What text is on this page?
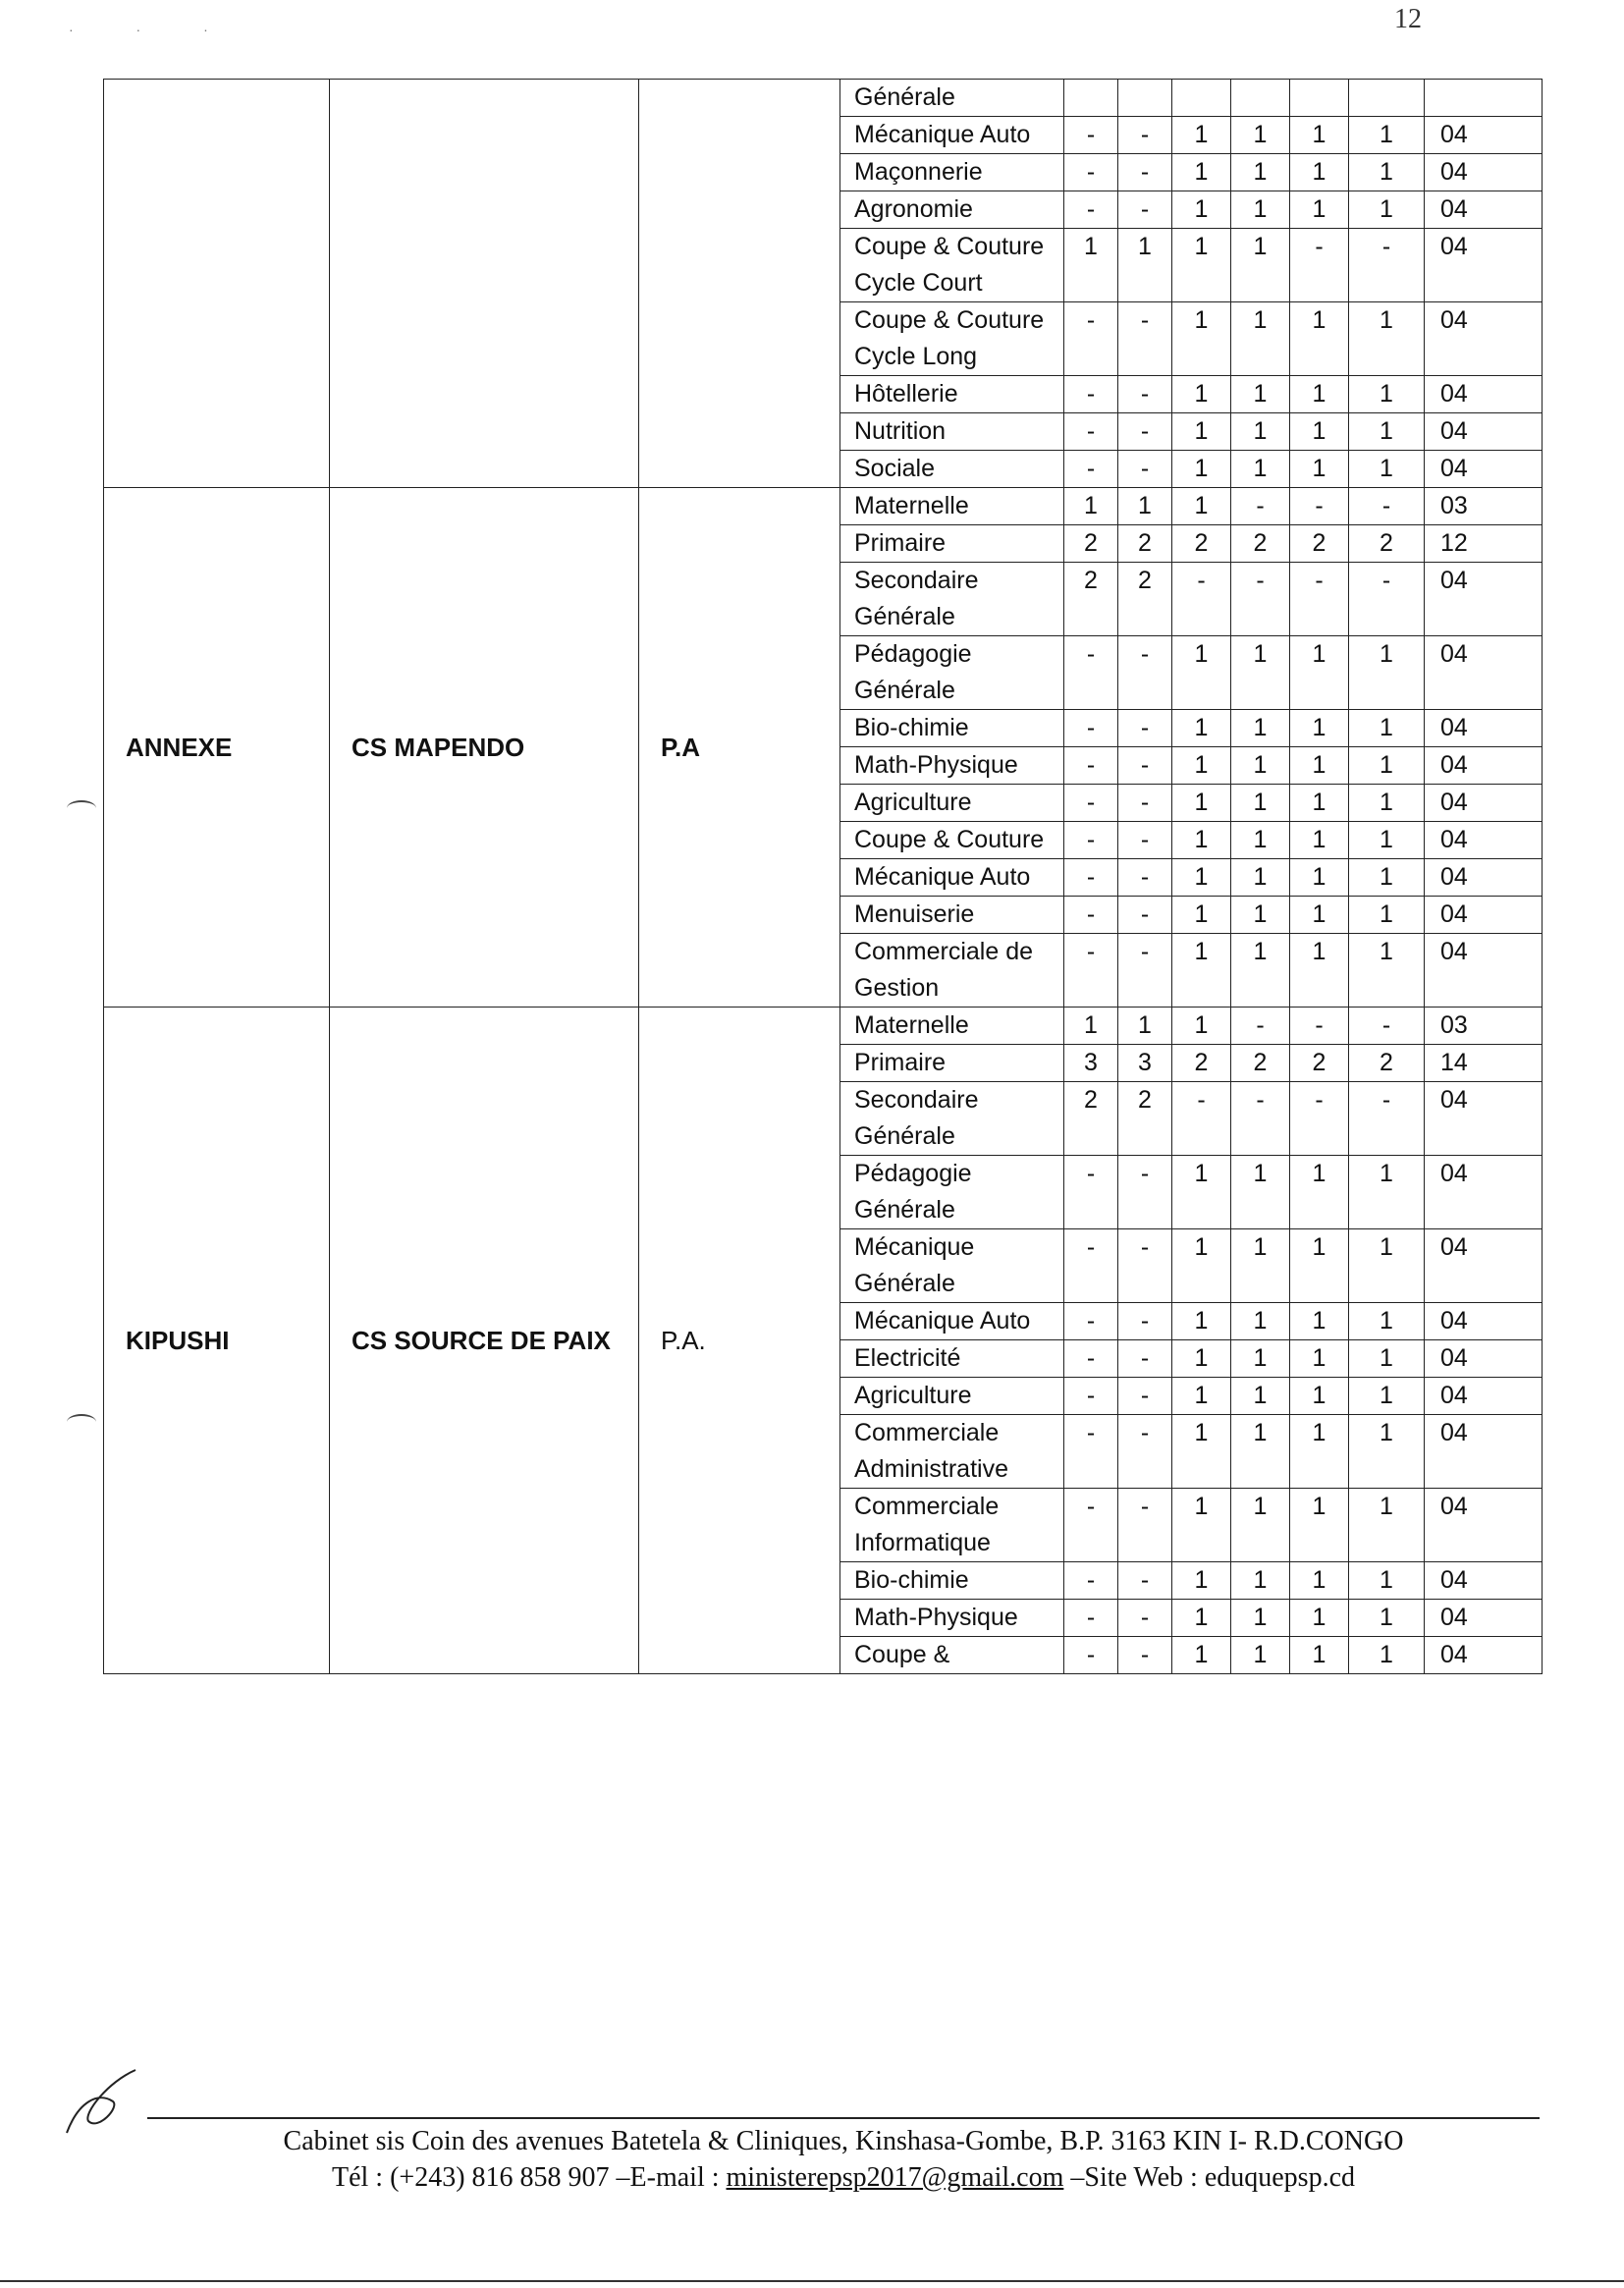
12
· · ·
			Générale							
			Mécanique Auto	-	-	1	1	1	1	04
			Maçonnerie	-	-	1	1	1	1	04
			Agronomie	-	-	1	1	1	1	04
			Coupe & Couture Cycle Court	1	1	1	1	-	-	04
			Coupe & Couture Cycle Long	-	-	1	1	1	1	04
			Hôtellerie	-	-	1	1	1	1	04
			Nutrition	-	-	1	1	1	1	04
			Sociale	-	-	1	1	1	1	04
ANNEXE	CS MAPENDO	P.A	Maternelle	1	1	1	-	-	-	03
			Primaire	2	2	2	2	2	2	12
			Secondaire Générale	2	2	-	-	-	-	04
			Pédagogie Générale	-	-	1	1	1	1	04
			Bio-chimie	-	-	1	1	1	1	04
			Math-Physique	-	-	1	1	1	1	04
			Agriculture	-	-	1	1	1	1	04
			Coupe & Couture	-	-	1	1	1	1	04
			Mécanique Auto	-	-	1	1	1	1	04
			Menuiserie	-	-	1	1	1	1	04
			Commerciale de Gestion	-	-	1	1	1	1	04
KIPUSHI	CS SOURCE DE PAIX	P.A.	Maternelle	1	1	1	-	-	-	03
			Primaire	3	3	2	2	2	2	14
			Secondaire Générale	2	2	-	-	-	-	04
			Pédagogie Générale	-	-	1	1	1	1	04
			Mécanique Générale	-	-	1	1	1	1	04
			Mécanique Auto	-	-	1	1	1	1	04
			Electricité	-	-	1	1	1	1	04
			Agriculture	-	-	1	1	1	1	04
			Commerciale Administrative	-	-	1	1	1	1	04
			Commerciale Informatique	-	-	1	1	1	1	04
			Bio-chimie	-	-	1	1	1	1	04
			Math-Physique	-	-	1	1	1	1	04
			Coupe &	-	-	1	1	1	1	04
Cabinet sis Coin des avenues Batetela & Cliniques, Kinshasa-Gombe, B.P. 3163 KIN I- R.D.CONGO
Tél : (+243) 816 858 907 –E-mail : ministerepsp2017@gmail.com –Site Web : eduquepsp.cd
